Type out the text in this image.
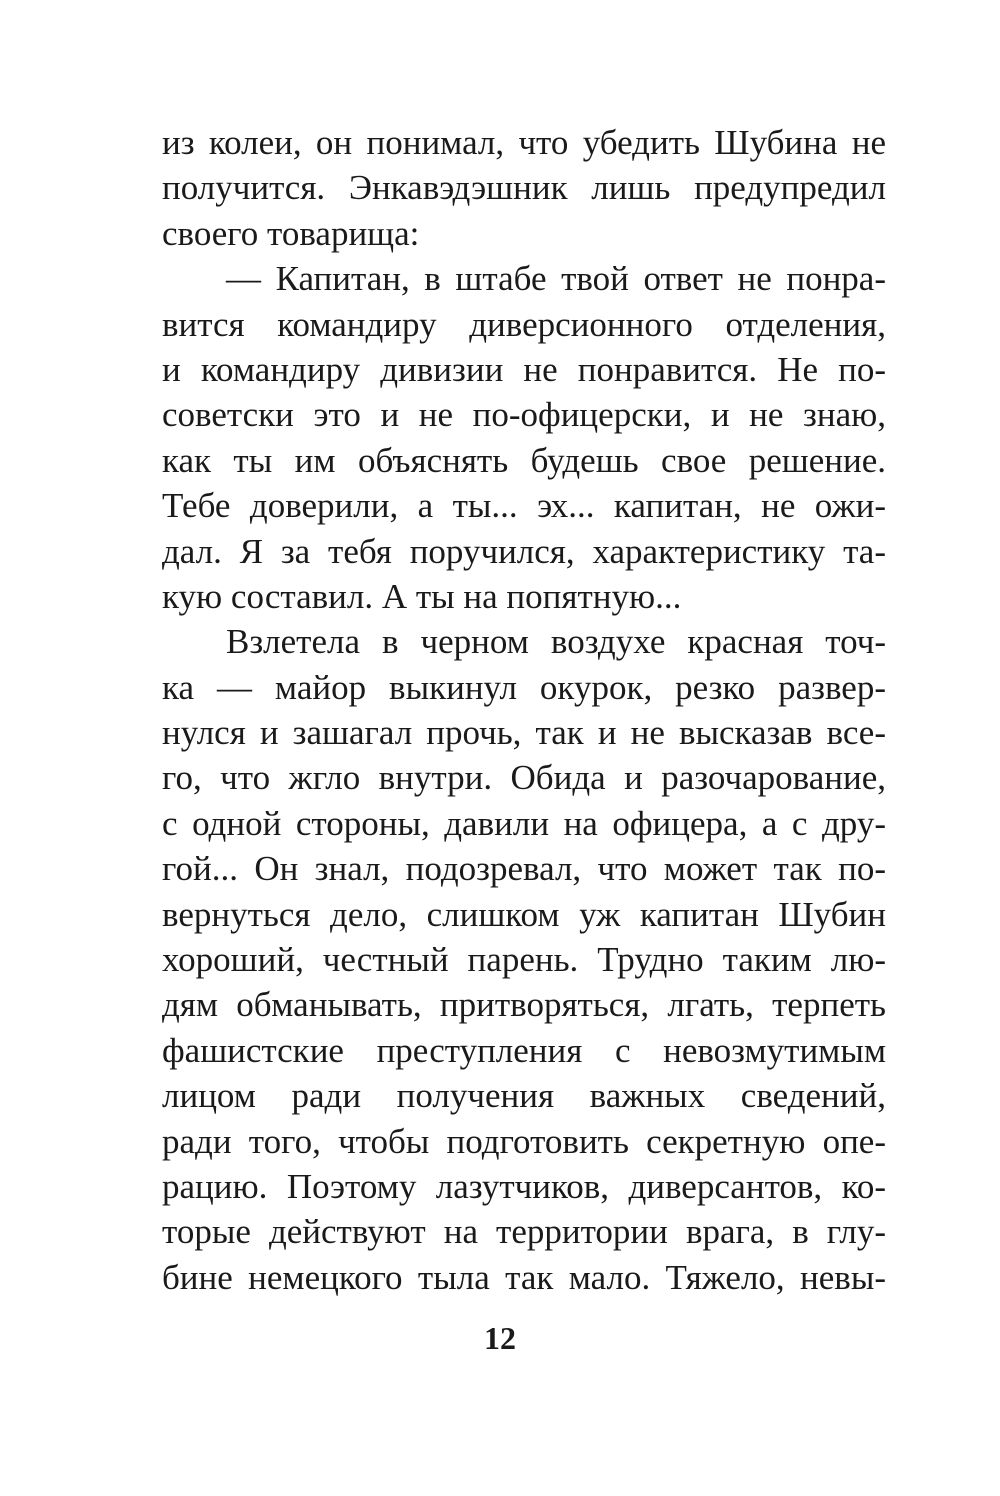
из колеи, он понимал, что убедить Шубина не
получится. Энкавэдэшник лишь предупредил
своего товарища:
— Капитан, в штабе твой ответ не понра-
вится командиру диверсионного отделения,
и командиру дивизии не понравится. Не по-
советски это и не по-офицерски, и не знаю,
как ты им объяснять будешь свое решение.
Тебе доверили, а ты... эх... капитан, не ожи-
дал. Я за тебя поручился, характеристику та-
кую составил. А ты на попятную...
Взлетела в черном воздухе красная точ-
ка — майор выкинул окурок, резко развер-
нулся и зашагал прочь, так и не высказав все-
го, что жгло внутри. Обида и разочарование,
с одной стороны, давили на офицера, а с дру-
гой... Он знал, подозревал, что может так по-
вернуться дело, слишком уж капитан Шубин
хороший, честный парень. Трудно таким лю-
дям обманывать, притворяться, лгать, терпеть
фашистские преступления с невозмутимым
лицом ради получения важных сведений,
ради того, чтобы подготовить секретную опе-
рацию. Поэтому лазутчиков, диверсантов, ко-
торые действуют на территории врага, в глу-
бине немецкого тыла так мало. Тяжело, невы-
12
